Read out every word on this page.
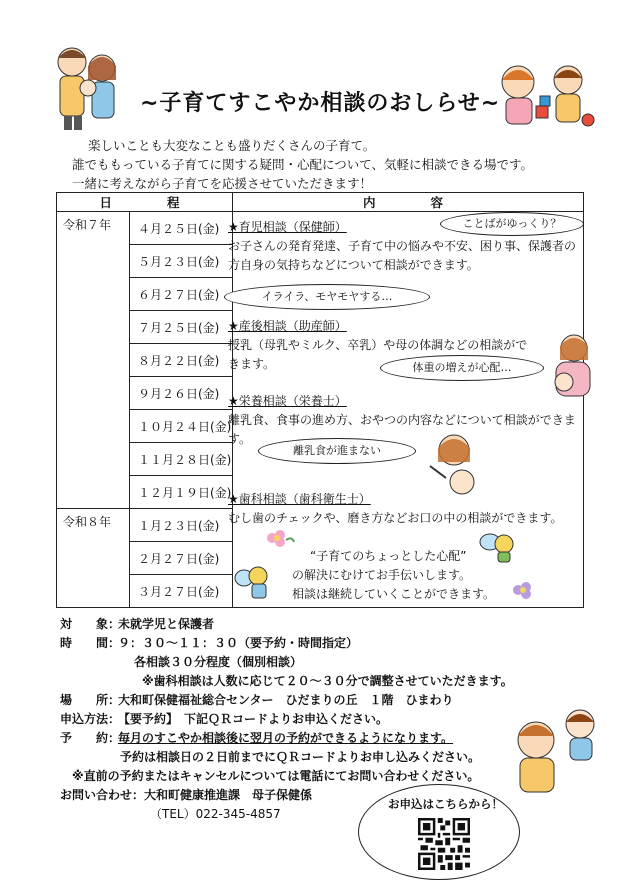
~子育てすこやか相談のおしらせ~
楽しいことも大変なことも盛りだくさんの子育て。
誰でももっている子育てに関する疑問・心配について、気軽に相談できる場です。
一緒に考えながら子育てを応援させていただきます！
日　　程		内　　容
令和７年	４月２５日(金)	
	５月２３日(金)	
	６月２７日(金)	
	７月２５日(金)	
	８月２２日(金)	
	９月２６日(金)	
	１０月２４日(金)	
	１１月２８日(金)	
	１２月１９日(金)	
令和８年	１月２３日(金)	
	２月２７日(金)	
	３月２７日(金)	
★育児相談（保健師）
お子さんの発育発達、子育て中の悩みや不安、困り事、保護者の方自身の気持ちなどについて相談ができます。
★産後相談（助産師）
授乳（母乳やミルク、卒乳）や母の体調などの相談ができます。
★栄養相談（栄養士）
離乳食、食事の進め方、おやつの内容などについて相談ができます。
★歯科相談（歯科衛生士）
むし歯のチェックや、磨き方などお口の中の相談ができます。
ことばがゆっくり？
イライラ、モヤモヤする…
体重の増えが心配…
離乳食が進まない
“子育てのちょっとした心配”
の解決にむけてお手伝いします。
相談は継続していくことができます。
対　　象：未就学児と保護者
時　　間：９：３０～１１：３０（要予約・時間指定）
各相談３０分程度（個別相談）
※歯科相談は人数に応じて２０～３０分で調整させていただきます。
場　　所：大和町保健福祉総合センター　ひだまりの丘　１階　ひまわり
申込方法：【要予約】　下記ＱＲコードよりお申込ください。
予　　約：毎月のすこやか相談後に翌月の予約ができるようになります。
予約は相談日の２日前までにＱＲコードよりお申し込みください。
※直前の予約またはキャンセルについては電話にてお問い合わせください。
お問い合わせ：大和町健康推進課　母子保健係
（TEL）022-345-4857
お申込はこちらから！
